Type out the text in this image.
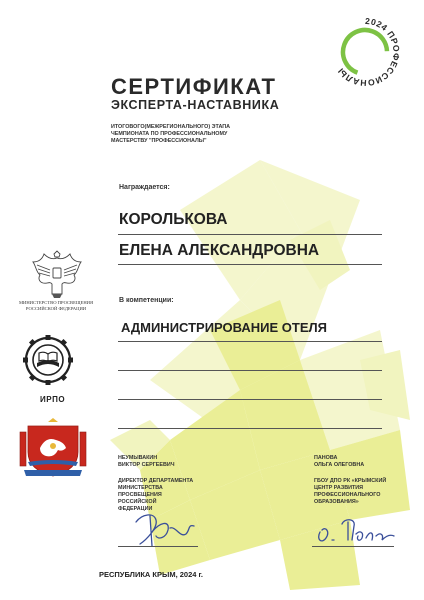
2024 ПРОФЕССИОНАЛЫ
СЕРТИФИКАТ
ЭКСПЕРТА-НАСТАВНИКА
ИТОГОВОГО(МЕЖРЕГИОНАЛЬНОГО) ЭТАПА
ЧЕМПИОНАТА ПО ПРОФЕССИОНАЛЬНОМУ
МАСТЕРСТВУ "ПРОФЕССИОНАЛЫ"
Награждается:
КОРОЛЬКОВА
ЕЛЕНА АЛЕКСАНДРОВНА
В компетенции:
АДМИНИСТРИРОВАНИЕ ОТЕЛЯ
МИНИСТЕРСТВО ПРОСВЕЩЕНИЯ
РОССИЙСКОЙ ФЕДЕРАЦИИ
ИРПО
НЕУМЫВАКИН
ВИКТОР СЕРГЕЕВИЧ
ДИРЕКТОР ДЕПАРТАМЕНТА
МИНИСТЕРСТВА
ПРОСВЕЩЕНИЯ
РОССИЙСКОЙ
ФЕДЕРАЦИИ
ПАНОВА
ОЛЬГА ОЛЕГОВНА
ГБОУ ДПО РК «КРЫМСКИЙ
ЦЕНТР РАЗВИТИЯ
ПРОФЕССИОНАЛЬНОГО
ОБРАЗОВАНИЯ»
РЕСПУБЛИКА КРЫМ, 2024 г.
